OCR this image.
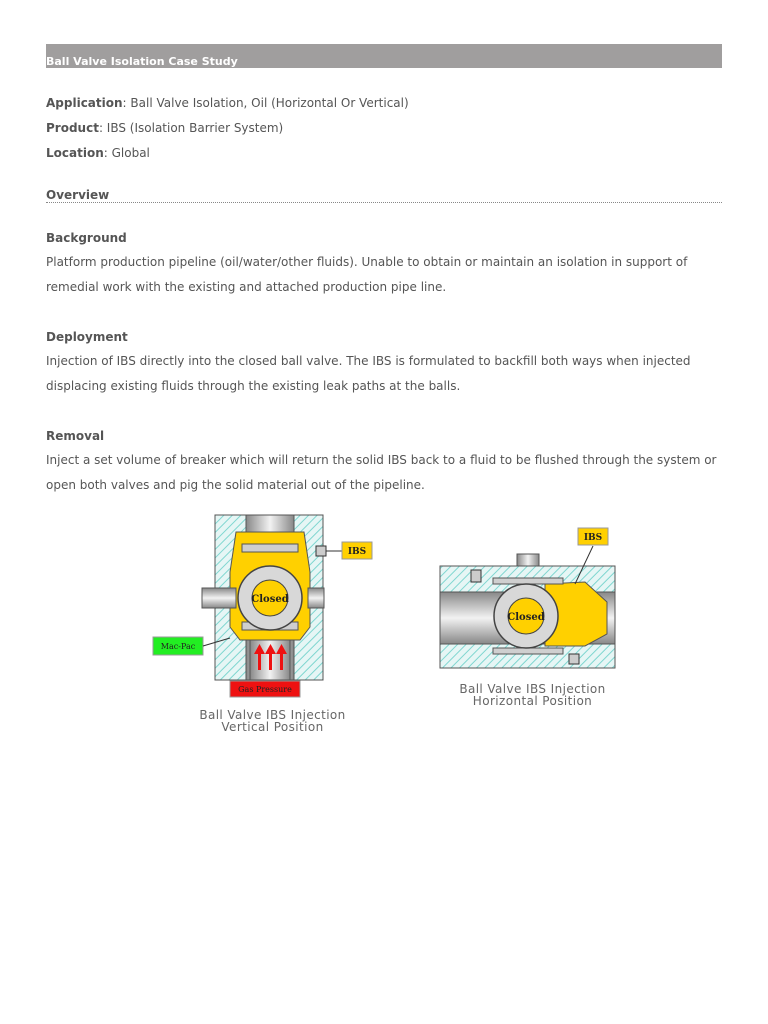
Ball Valve Isolation Case Study
Application: Ball Valve Isolation, Oil (Horizontal Or Vertical)
Product: IBS (Isolation Barrier System)
Location: Global
Overview
Background
Platform production pipeline (oil/water/other fluids). Unable to obtain or maintain an isolation in support of remedial work with the existing and attached production pipe line.
Deployment
Injection of IBS directly into the closed ball valve. The IBS is formulated to backfill both ways when injected displacing existing fluids through the existing leak paths at the balls.
Removal
Inject a set volume of breaker which will return the solid IBS back to a fluid to be flushed through the system or open both valves and pig the solid material out of the pipeline.
Closed
IBS
Mac-Pac
Gas Pressure
Ball Valve IBS Injection
Vertical Position
Closed
IBS
Ball Valve IBS Injection
Horizontal Position
